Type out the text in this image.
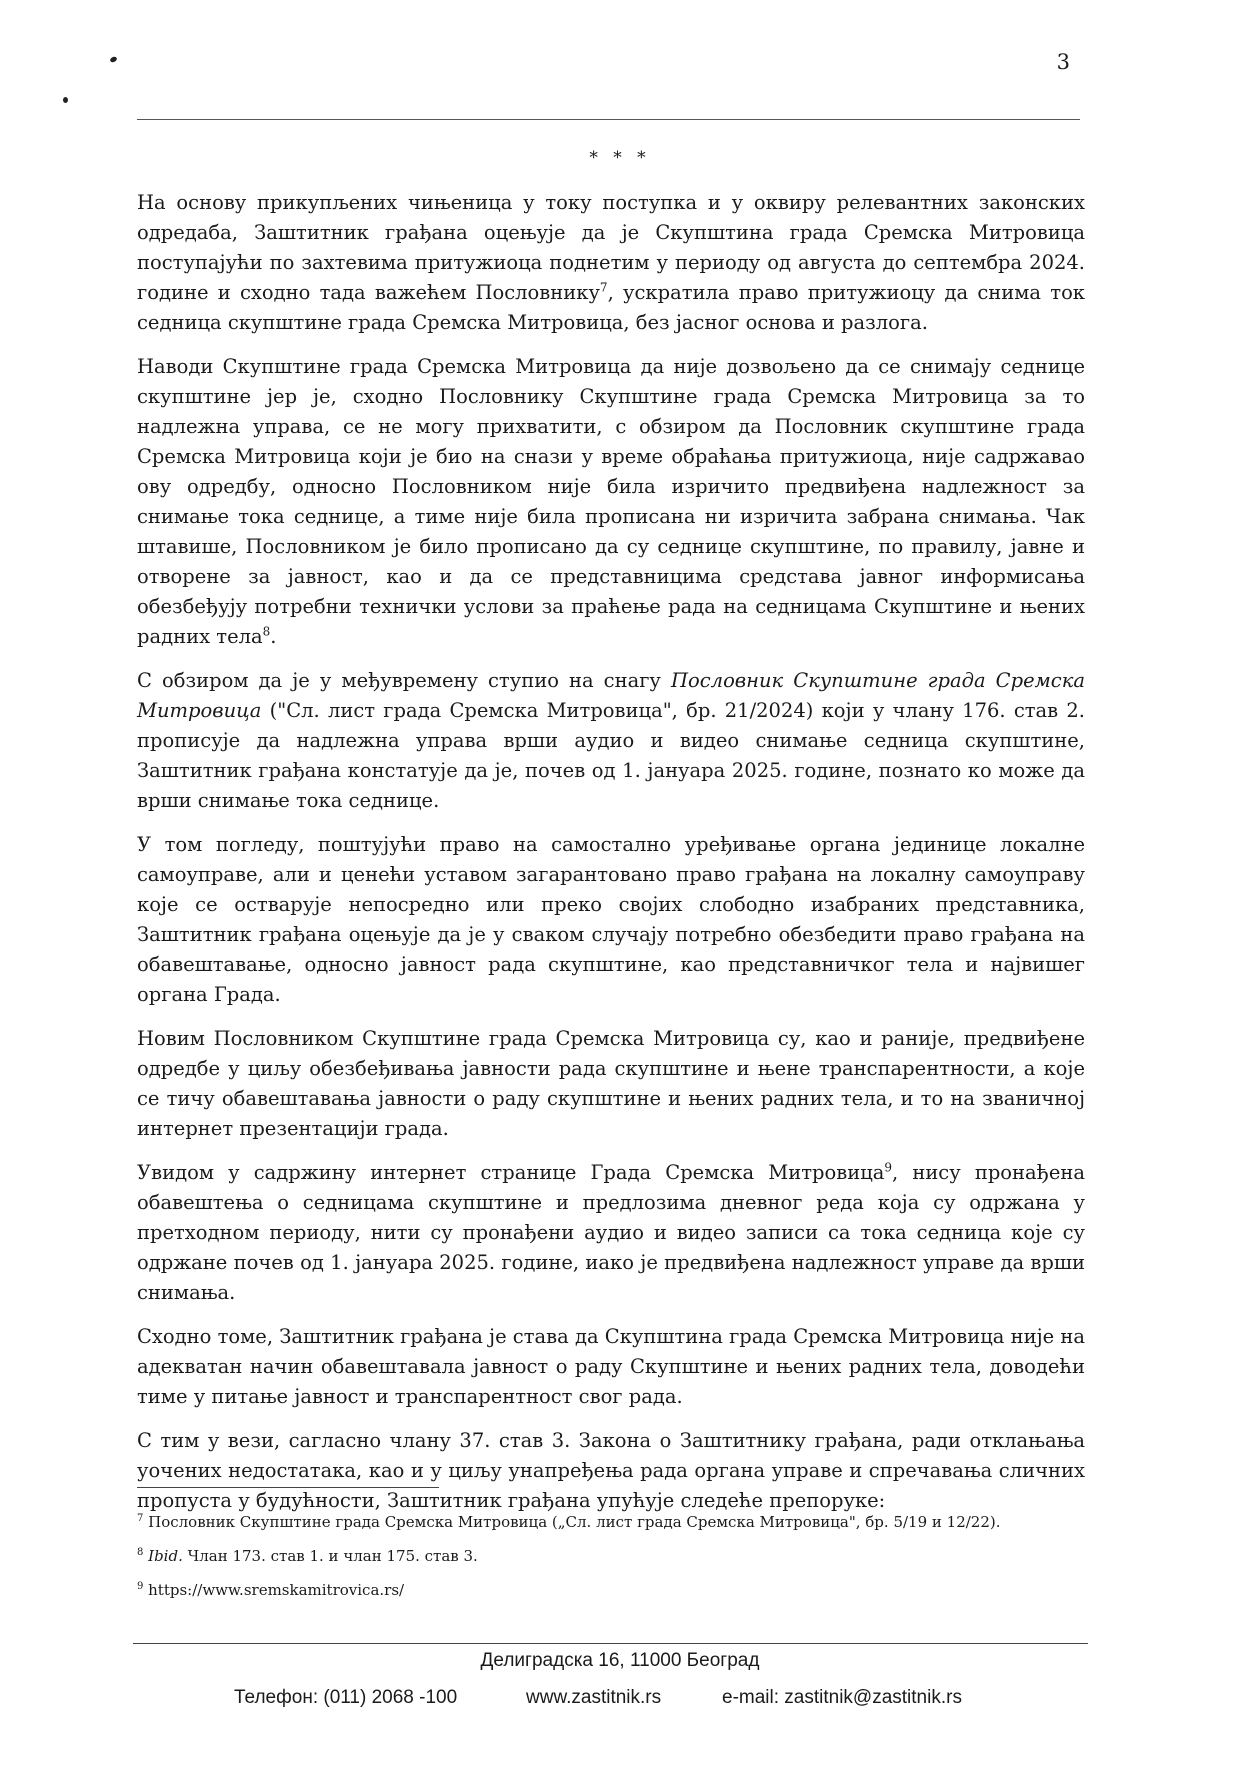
3
* * *

На основу прикупљених чињеница у току поступка и у оквиру релевантних законских одредаба, Заштитник грађана оцењује да је Скупштина града Сремска Митровица поступајући по захтевима притужиоца поднетим у периоду од августа до септембра 2024. године и сходно тада важећем Пословнику$^7$, ускратила право притужиоцу да снима ток седница скупштине града Сремска Митровица, без јасног основа и разлога.

Наводи Скупштине града Сремска Митровица да није дозвољено да се снимају седнице скупштине јер је, сходно Пословнику Скупштине града Сремска Митровица за то надлежна управа, се не могу прихватити, с обзиром да Пословник скупштине града Сремска Митровица који је био на снази у време обраћања притужиоца, није садржавао ову одредбу, односно Пословником није била изричито предвиђена надлежност за снимање тока седнице, а тиме није била прописана ни изричита забрана снимања. Чак штавише, Пословником је било прописано да су седнице скупштине, по правилу, јавне и отворене за јавност, као и да се представницима средстава јавног информисања обезбеђују потребни технички услови за праћење рада на седницама Скупштине и њених радних тела$^8$.

С обзиром да је у међувремену ступио на снагу Пословник Скупштине града Сремска Митровица ("Сл. лист града Сремска Митровица", бр. 21/2024) који у члану 176. став 2. прописује да надлежна управа врши аудио и видео снимање седница скупштине, Заштитник грађана констатује да је, почев од 1. јануара 2025. године, познато ко може да врши снимање тока седнице.

У том погледу, поштујући право на самостално уређивање органа јединице локалне самоуправе, али и ценећи уставом загарантовано право грађана на локалну самоуправу које се остварује непосредно или преко својих слободно изабраних представника, Заштитник грађана оцењује да је у сваком случају потребно обезбедити право грађана на обавештавање, односно јавност рада скупштине, као представничког тела и највишег органа Града.

Новим Пословником Скупштине града Сремска Митровица су, као и раније, предвиђене одредбе у циљу обезбеђивања јавности рада скупштине и њене транспарентности, а које се тичу обавештавања јавности о раду скупштине и њених радних тела, и то на званичној интернет презентацији града.

Увидом у садржину интернет странице Града Сремска Митровица$^9$, нису пронађена обавештења о седницама скупштине и предлозима дневног реда која су одржана у претходном периоду, нити су пронађени аудио и видео записи са тока седница које су одржане почев од 1. јануара 2025. године, иако је предвиђена надлежност управе да врши снимања.

Сходно томе, Заштитник грађана је става да Скупштина града Сремска Митровица није на адекватан начин обавештавала јавност о раду Скупштине и њених радних тела, доводећи тиме у питање јавност и транспарентност свог рада.

С тим у вези, сагласно члану 37. став 3. Закона о Заштитнику грађана, ради отклањања уочених недостатака, као и у циљу унапређења рада органа управе и спречавања сличних пропуста у будућности, Заштитник грађана упућује следеће препоруке:

$^7$ Пословник Скупштине града Сремска Митровица („Сл. лист града Сремска Митровица", бр. 5/19 и 12/22).

$^8$ Ibid. Члан 173. став 1. и члан 175. став 3.

$^9$ https://www.sremskamitrovica.rs/

Делиградска 16, 11000 Београд
Телефон: (011) 2068 -100	www.zastitnik.rs	e-mail: zastitnik@zastitnik.rs
